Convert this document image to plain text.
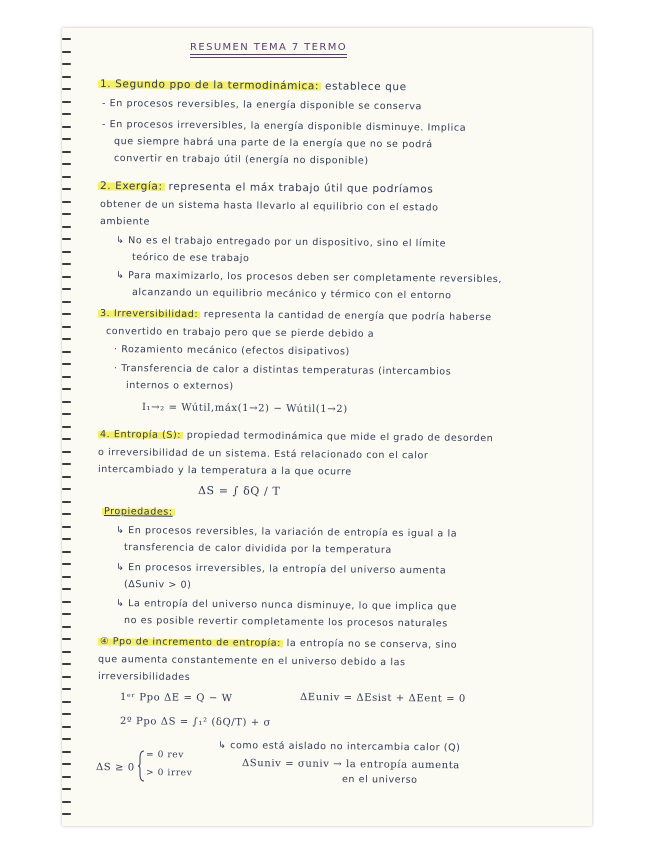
RESUMEN TEMA 7 TERMO
1. Segundo ppo de la termodinámica: establece que
- En procesos reversibles, la energía disponible se conserva
- En procesos irreversibles, la energía disponible disminuye. Implica
que siempre habrá una parte de la energía que no se podrá
convertir en trabajo útil (energía no disponible)
2. Exergía: representa el máx trabajo útil que podríamos
obtener de un sistema hasta llevarlo al equilibrio con el estado
ambiente
↳ No es el trabajo entregado por un dispositivo, sino el límite
teórico de ese trabajo
↳ Para maximizarlo, los procesos deben ser completamente reversibles,
alcanzando un equilibrio mecánico y térmico con el entorno
3. Irreversibilidad: representa la cantidad de energía que podría haberse
convertido en trabajo pero que se pierde debido a
· Rozamiento mecánico (efectos disipativos)
· Transferencia de calor a distintas temperaturas (intercambios
internos o externos)
I₁→₂ = Wútil,máx(1→2) − Wútil(1→2)
4. Entropía (S): propiedad termodinámica que mide el grado de desorden
o irreversibilidad de un sistema. Está relacionado con el calor
intercambiado y la temperatura a la que ocurre
ΔS = ∫ δQ / T
Propiedades:
↳ En procesos reversibles, la variación de entropía es igual a la
transferencia de calor dividida por la temperatura
↳ En procesos irreversibles, la entropía del universo aumenta
(ΔSuniv > 0)
↳ La entropía del universo nunca disminuye, lo que implica que
no es posible revertir completamente los procesos naturales
④ Ppo de incremento de entropía: la entropía no se conserva, sino
que aumenta constantemente en el universo debido a las
irreversibilidades
1ᵉʳ Ppo ΔE = Q − W	ΔEuniv = ΔEsist + ΔEent = 0
2º Ppo ΔS = ∫₁² (δQ/T) + σ
↳ como está aislado no intercambia calor (Q)
ΔSuniv = σuniv → la entropía aumenta
en el universo
ΔS ≥ 0
= 0 rev
> 0 irrev
